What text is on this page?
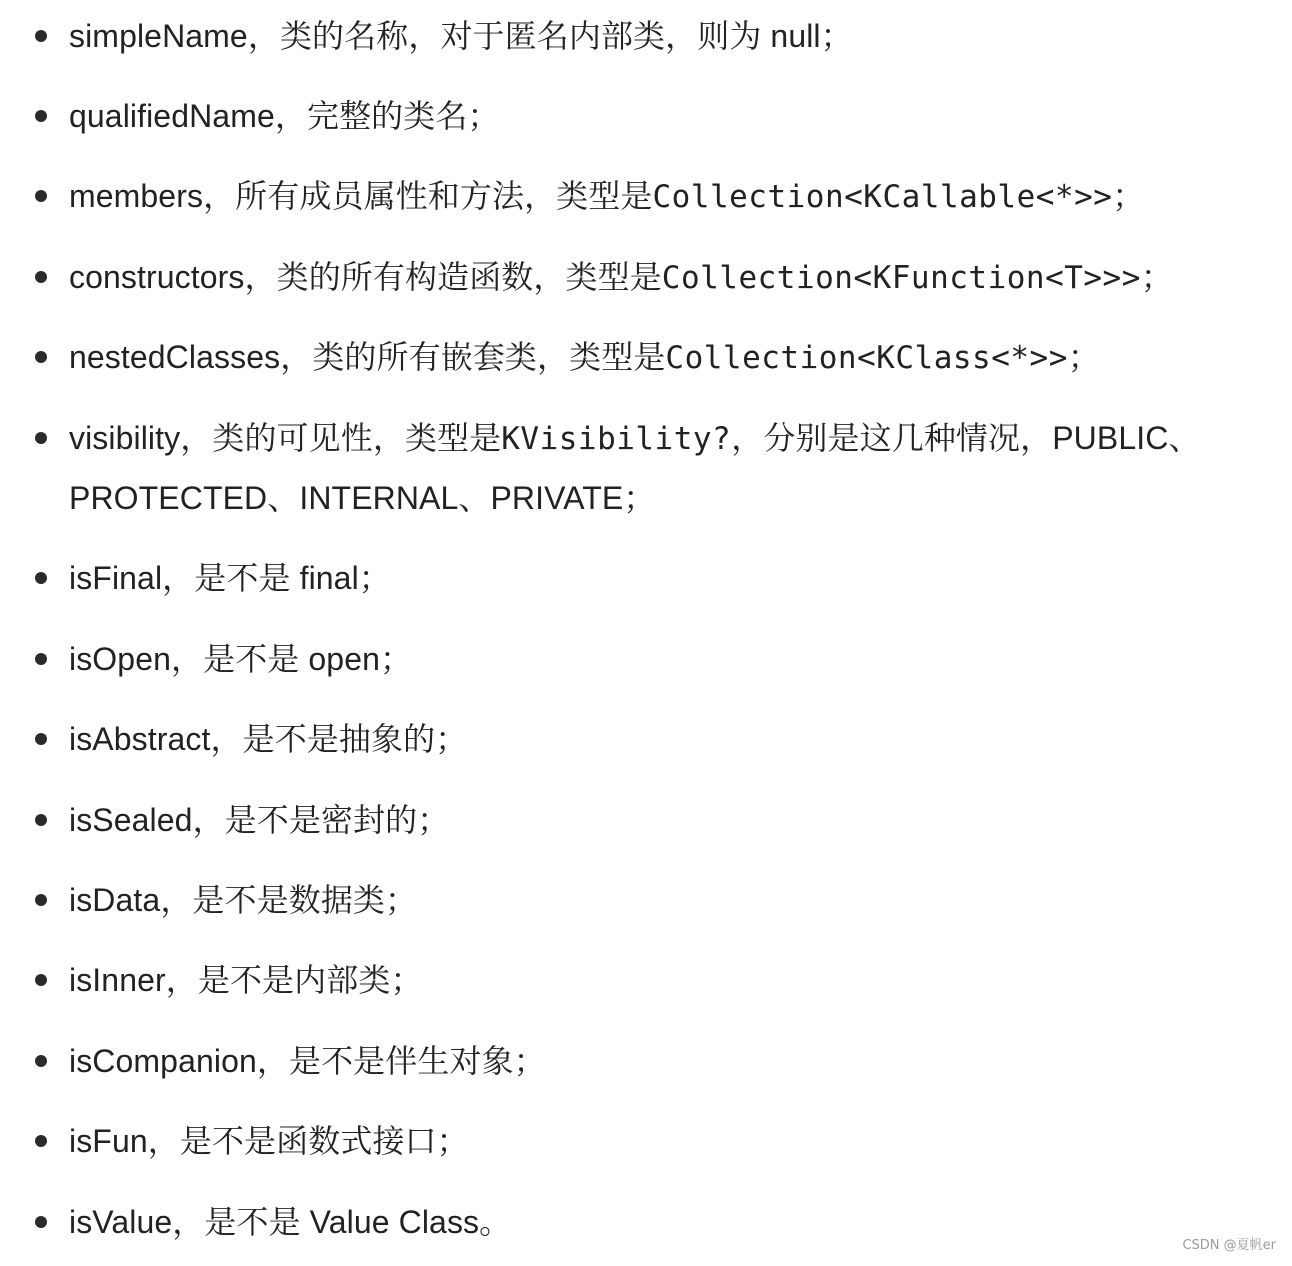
simpleName，类的名称，对于匿名内部类，则为 null；
qualifiedName，完整的类名；
members，所有成员属性和方法，类型是Collection<KCallable<*>>；
constructors，类的所有构造函数，类型是Collection<KFunction<T>>>；
nestedClasses，类的所有嵌套类，类型是Collection<KClass<*>>；
visibility，类的可见性，类型是KVisibility?，分别是这几种情况，PUBLIC、
PROTECTED、INTERNAL、PRIVATE；
isFinal，是不是 final；
isOpen，是不是 open；
isAbstract，是不是抽象的；
isSealed，是不是密封的；
isData，是不是数据类；
isInner，是不是内部类；
isCompanion，是不是伴生对象；
isFun，是不是函数式接口；
isValue，是不是 Value Class。
CSDN @夏帆er
